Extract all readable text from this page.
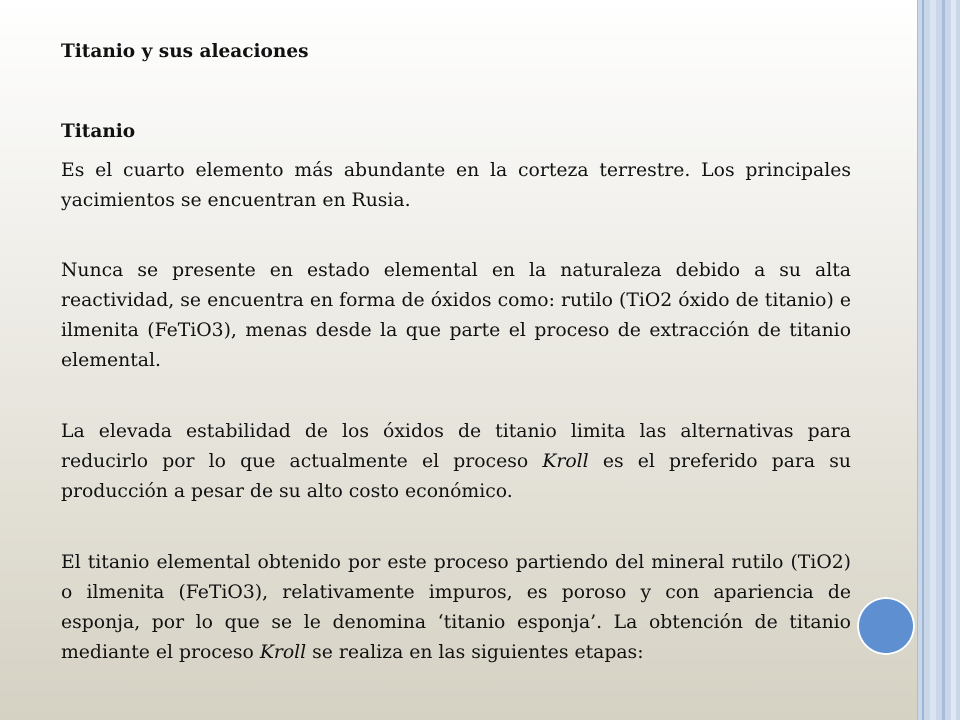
Titanio y sus aleaciones

Titanio

Es el cuarto elemento más abundante en la corteza terrestre. Los principales yacimientos se encuentran en Rusia.

Nunca se presente en estado elemental en la naturaleza debido a su alta reactividad, se encuentra en forma de óxidos como: rutilo (TiO2 óxido de titanio) e ilmenita (FeTiO3), menas desde la que parte el proceso de extracción de titanio elemental.

La elevada estabilidad de los óxidos de titanio limita las alternativas para reducirlo por lo que actualmente el proceso Kroll es el preferido para su producción a pesar de su alto costo económico.

El titanio elemental obtenido por este proceso partiendo del mineral rutilo (TiO2) o ilmenita (FeTiO3), relativamente impuros, es poroso y con apariencia de esponja, por lo que se le denomina ‘titanio esponja’. La obtención de titanio mediante el proceso Kroll se realiza en las siguientes etapas:
